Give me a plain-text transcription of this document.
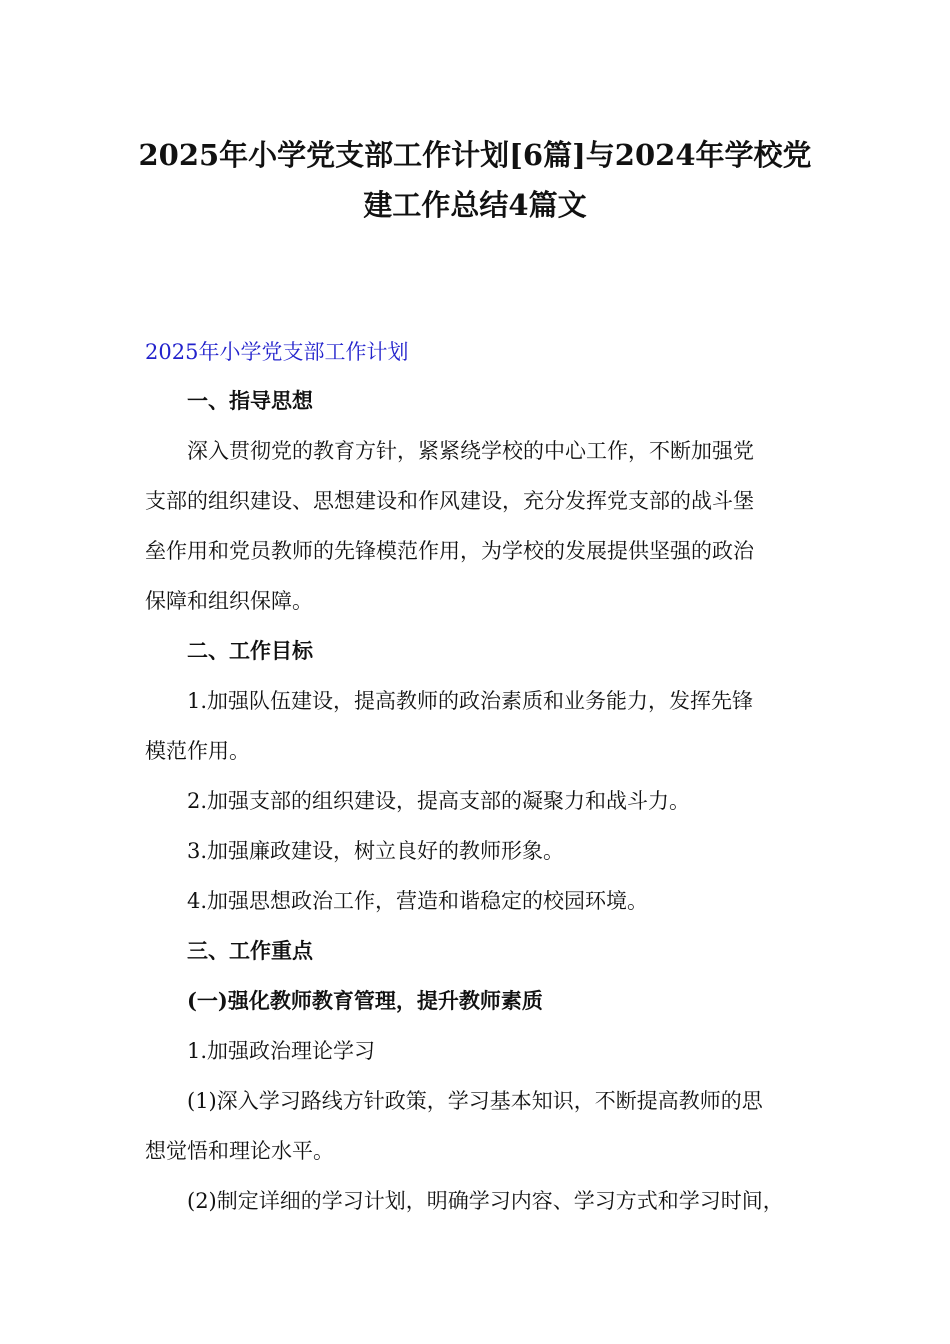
2025年小学党支部工作计划[6篇]与2024年学校党
建工作总结4篇文

2025年小学党支部工作计划

一、指导思想

深入贯彻党的教育方针，紧紧绕学校的中心工作，不断加强党
支部的组织建设、思想建设和作风建设，充分发挥党支部的战斗堡
垒作用和党员教师的先锋模范作用，为学校的发展提供坚强的政治
保障和组织保障。

二、工作目标

1.加强队伍建设，提高教师的政治素质和业务能力，发挥先锋
模范作用。

2.加强支部的组织建设，提高支部的凝聚力和战斗力。

3.加强廉政建设，树立良好的教师形象。

4.加强思想政治工作，营造和谐稳定的校园环境。

三、工作重点

(一)强化教师教育管理，提升教师素质

1.加强政治理论学习

(1)深入学习路线方针政策，学习基本知识，不断提高教师的思
想觉悟和理论水平。
(2)制定详细的学习计划，明确学习内容、学习方式和学习时间，
